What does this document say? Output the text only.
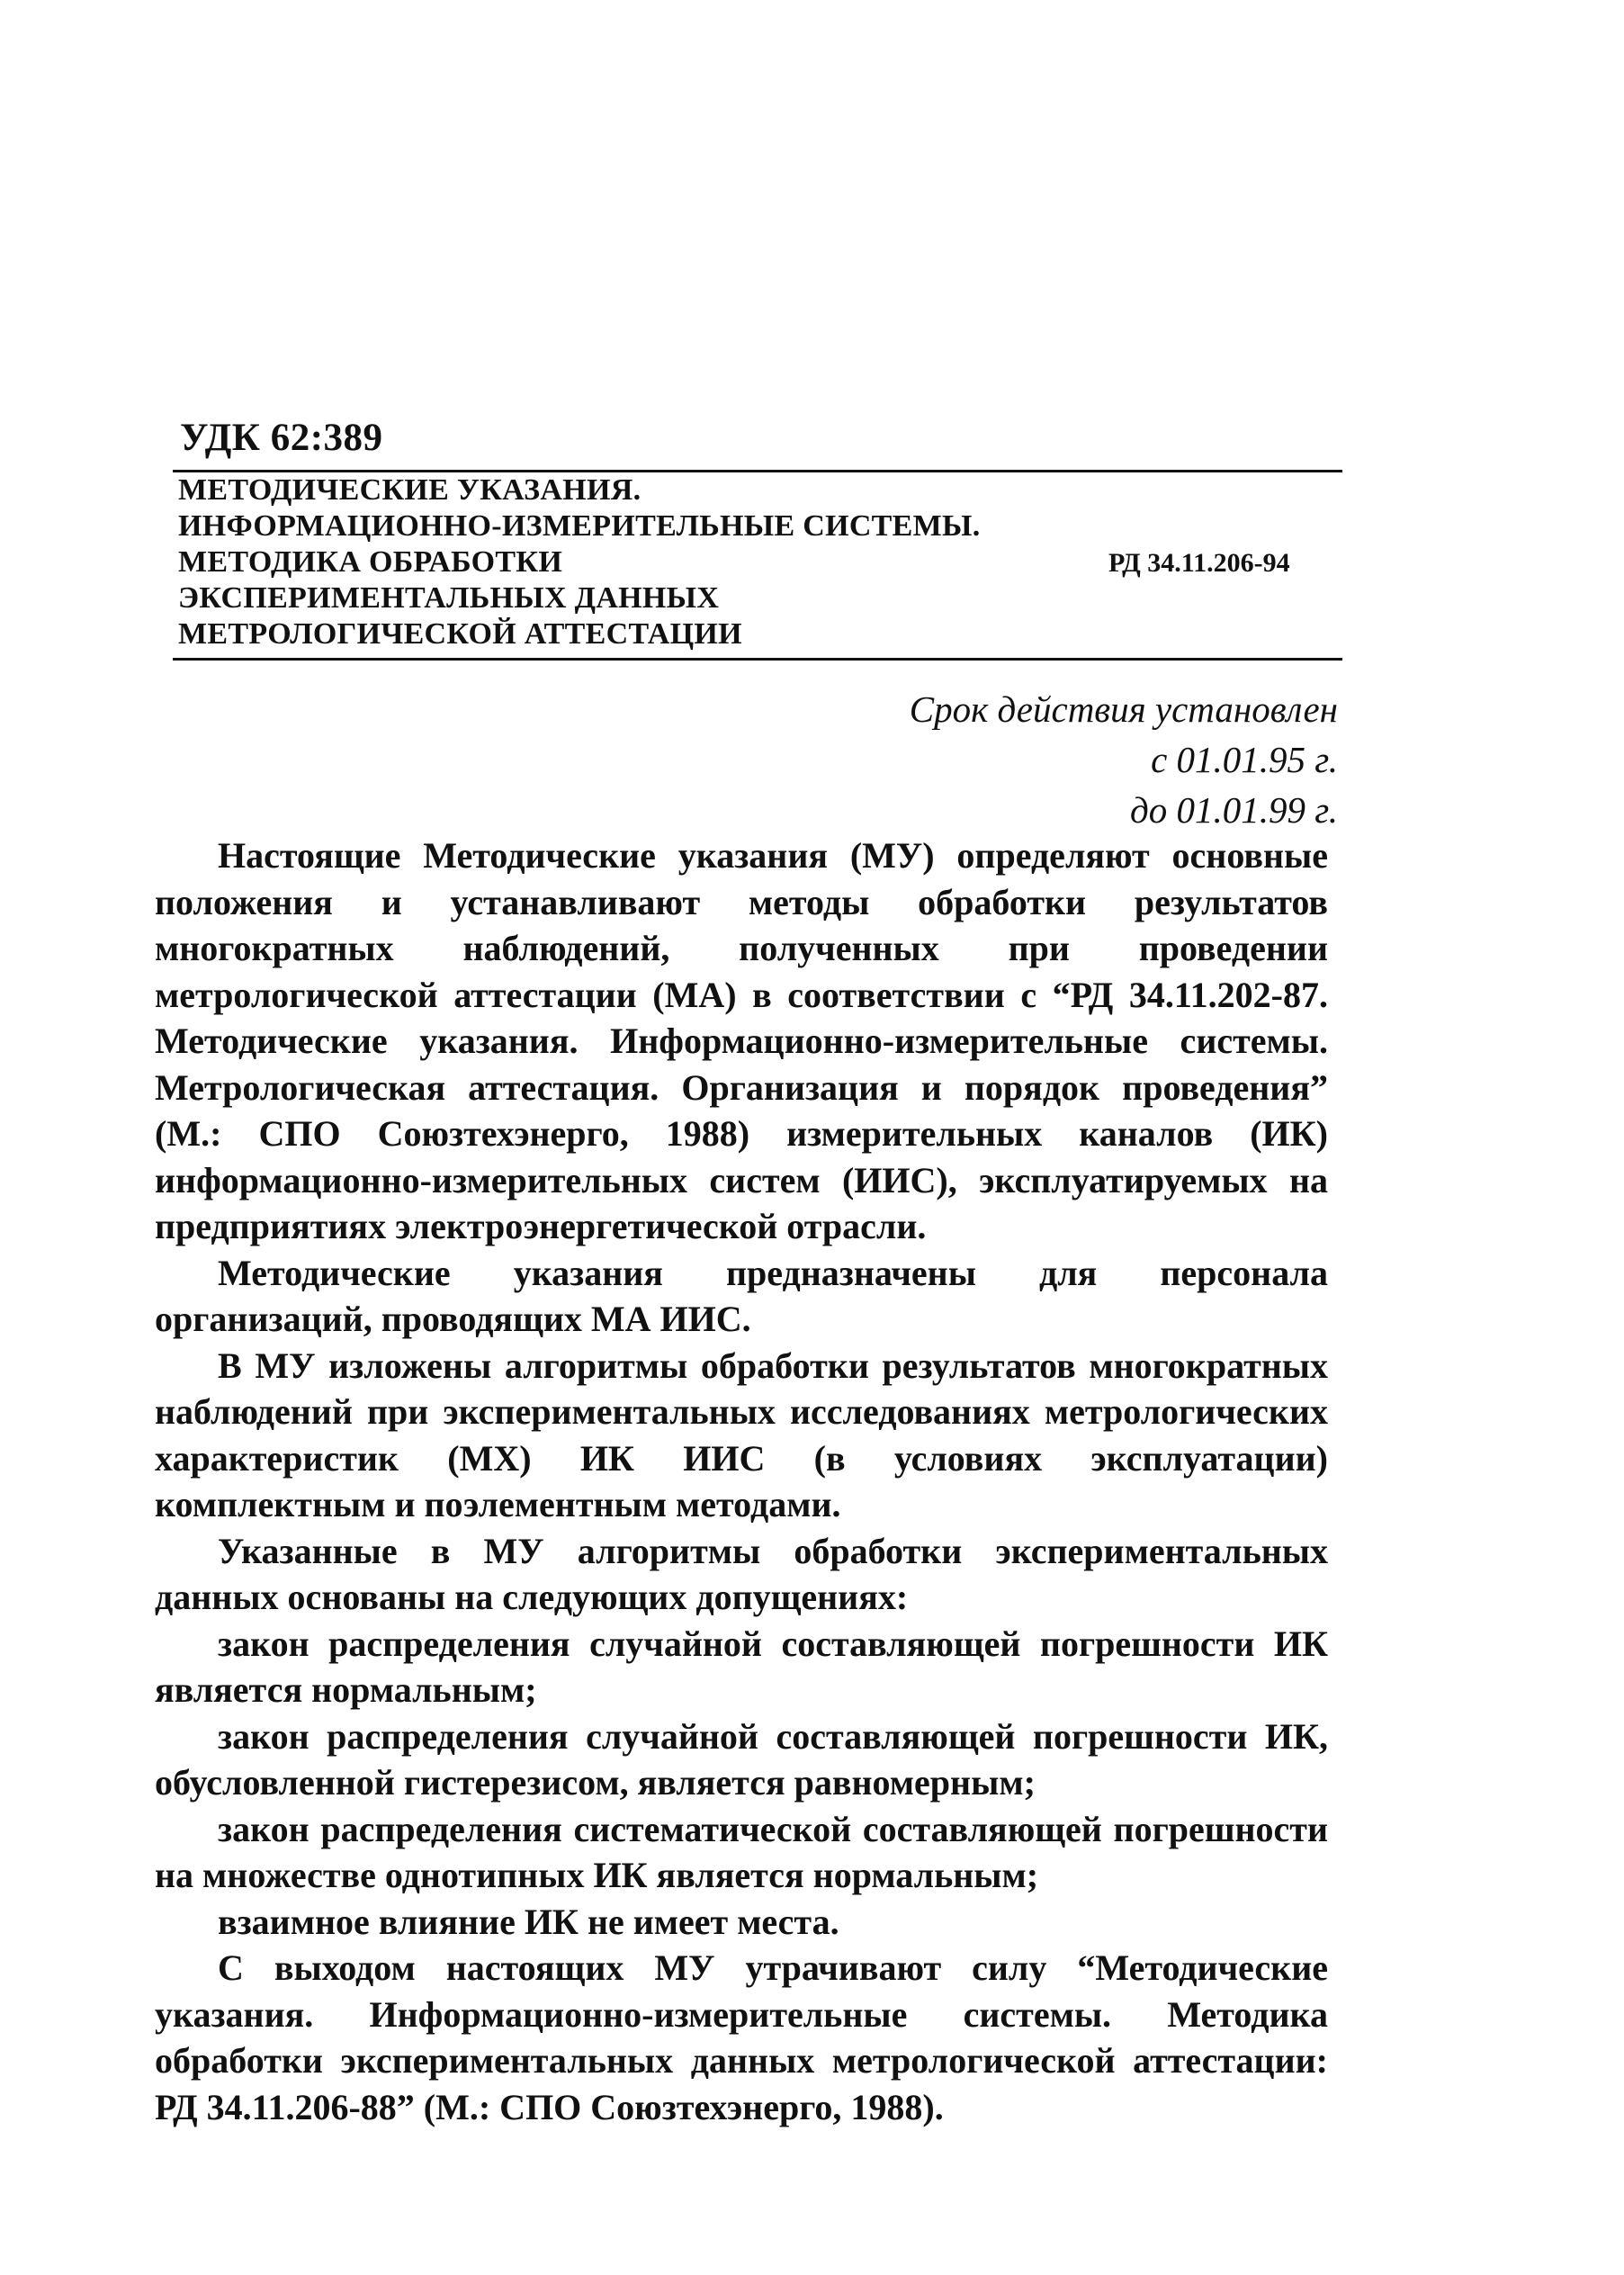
УДК 62:389
МЕТОДИЧЕСКИЕ УКАЗАНИЯ.
ИНФОРМАЦИОННО-ИЗМЕРИТЕЛЬНЫЕ СИСТЕМЫ.
МЕТОДИКА ОБРАБОТКИ
ЭКСПЕРИМЕНТАЛЬНЫХ ДАННЫХ
МЕТРОЛОГИЧЕСКОЙ АТТЕСТАЦИИ
РД 34.11.206-94
Срок действия установлен
с 01.01.95 г.
до 01.01.99 г.

Настоящие Методические указания (МУ) определяют основные положения и устанавливают методы обработки результатов многократных наблюдений, полученных при проведении метрологической аттестации (МА) в соответствии с “РД 34.11.202-87. Методические указания. Информационно-измерительные системы. Метрологическая аттестация. Организация и порядок проведения” (М.: СПО Союзтехэнерго, 1988) измерительных каналов (ИК) информационно-измерительных систем (ИИС), эксплуатируемых на предприятиях электроэнергетической отрасли.

Методические указания предназначены для персонала организаций, проводящих МА ИИС.

В МУ изложены алгоритмы обработки результатов многократных наблюдений при экспериментальных исследованиях метрологических характеристик (МХ) ИК ИИС (в условиях эксплуатации) комплектным и поэлементным методами.

Указанные в МУ алгоритмы обработки экспериментальных данных основаны на следующих допущениях:

закон распределения случайной составляющей погрешности ИК является нормальным;

закон распределения случайной составляющей погрешности ИК, обусловленной гистерезисом, является равномерным;

закон распределения систематической составляющей погрешности на множестве однотипных ИК является нормальным;

взаимное влияние ИК не имеет места.

С выходом настоящих МУ утрачивают силу “Методические указания. Информационно-измерительные системы. Методика обработки экспериментальных данных метрологической аттестации: РД 34.11.206-88” (М.: СПО Союзтехэнерго, 1988).
